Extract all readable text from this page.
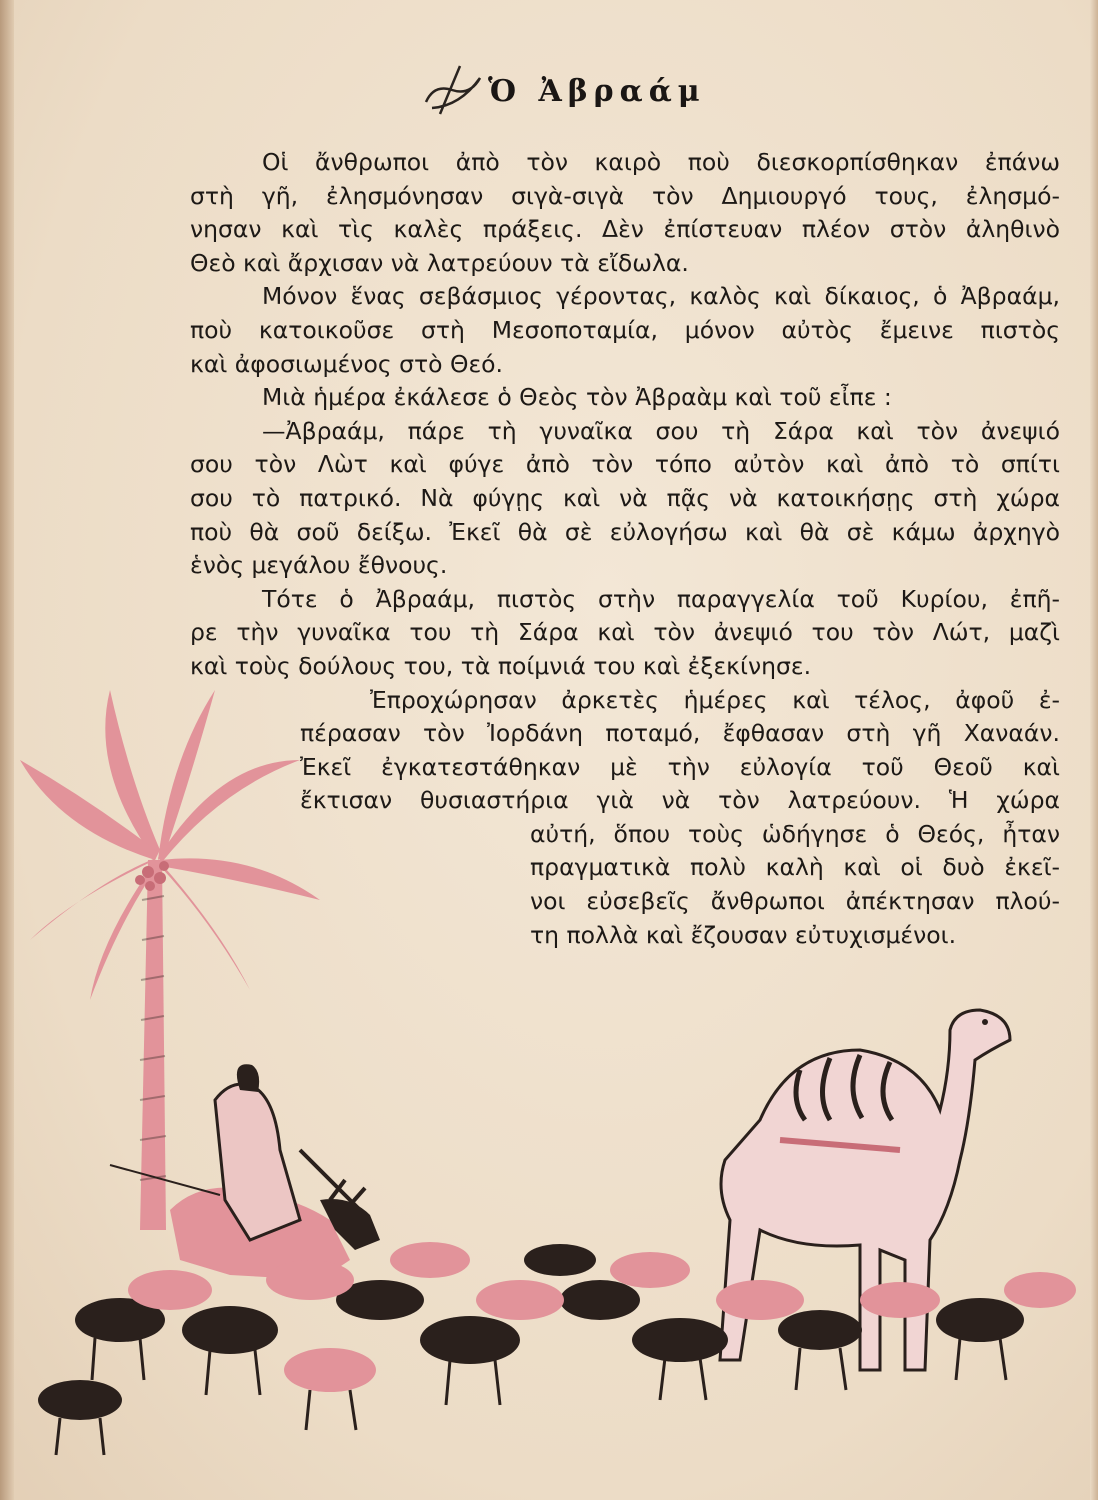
Ὁ Ἀβραάμ
Οἱ ἄνθρωποι ἀπὸ τὸν καιρὸ ποὺ διεσκορπίσθηκαν ἐπάνω
στὴ γῆ, ἐλησμόνησαν σιγὰ-σιγὰ τὸν Δημιουργό τους, ἐλησμό-
νησαν καὶ τὶς καλὲς πράξεις. Δὲν ἐπίστευαν πλέον στὸν ἀληθινὸ
Θεὸ καὶ ἄρχισαν νὰ λατρεύουν τὰ εἴδωλα.
Μόνον ἕνας σεβάσμιος γέροντας, καλὸς καὶ δίκαιος, ὁ Ἀβραάμ,
ποὺ κατοικοῦσε στὴ Μεσοποταμία, μόνον αὐτὸς ἔμεινε πιστὸς
καὶ ἀφοσιωμένος στὸ Θεό.
Μιὰ ἡμέρα ἐκάλεσε ὁ Θεὸς τὸν Ἀβραὰμ καὶ τοῦ εἶπε :
—Ἀβραάμ, πάρε τὴ γυναῖκα σου τὴ Σάρα καὶ τὸν ἀνεψιό
σου τὸν Λὼτ καὶ φύγε ἀπὸ τὸν τόπο αὐτὸν καὶ ἀπὸ τὸ σπίτι
σου τὸ πατρικό. Νὰ φύγῃς καὶ νὰ πᾷς νὰ κατοικήσῃς στὴ χώρα
ποὺ θὰ σοῦ δείξω. Ἐκεῖ θὰ σὲ εὐλογήσω καὶ θὰ σὲ κάμω ἀρχηγὸ
ἑνὸς μεγάλου ἔθνους.
Τότε ὁ Ἀβραάμ, πιστὸς στὴν παραγγελία τοῦ Κυρίου, ἐπῆ-
ρε τὴν γυναῖκα του τὴ Σάρα καὶ τὸν ἀνεψιό του τὸν Λώτ, μαζὶ
καὶ τοὺς δούλους του, τὰ ποίμνιά του καὶ ἐξεκίνησε.
Ἐπροχώρησαν ἀρκετὲς ἡμέρες καὶ τέλος, ἀφοῦ ἐ-
πέρασαν τὸν Ἰορδάνη ποταμό, ἔφθασαν στὴ γῆ Χαναάν.
Ἐκεῖ ἐγκατεστάθηκαν μὲ τὴν εὐλογία τοῦ Θεοῦ καὶ
ἔκτισαν θυσιαστήρια γιὰ νὰ τὸν λατρεύουν. Ἡ χώρα
αὐτή, ὅπου τοὺς ὡδήγησε ὁ Θεός, ἦταν
πραγματικὰ πολὺ καλὴ καὶ οἱ δυὸ ἐκεῖ-
νοι εὐσεβεῖς ἄνθρωποι ἀπέκτησαν πλού-
τη πολλὰ καὶ ἔζουσαν εὐτυχισμένοι.
